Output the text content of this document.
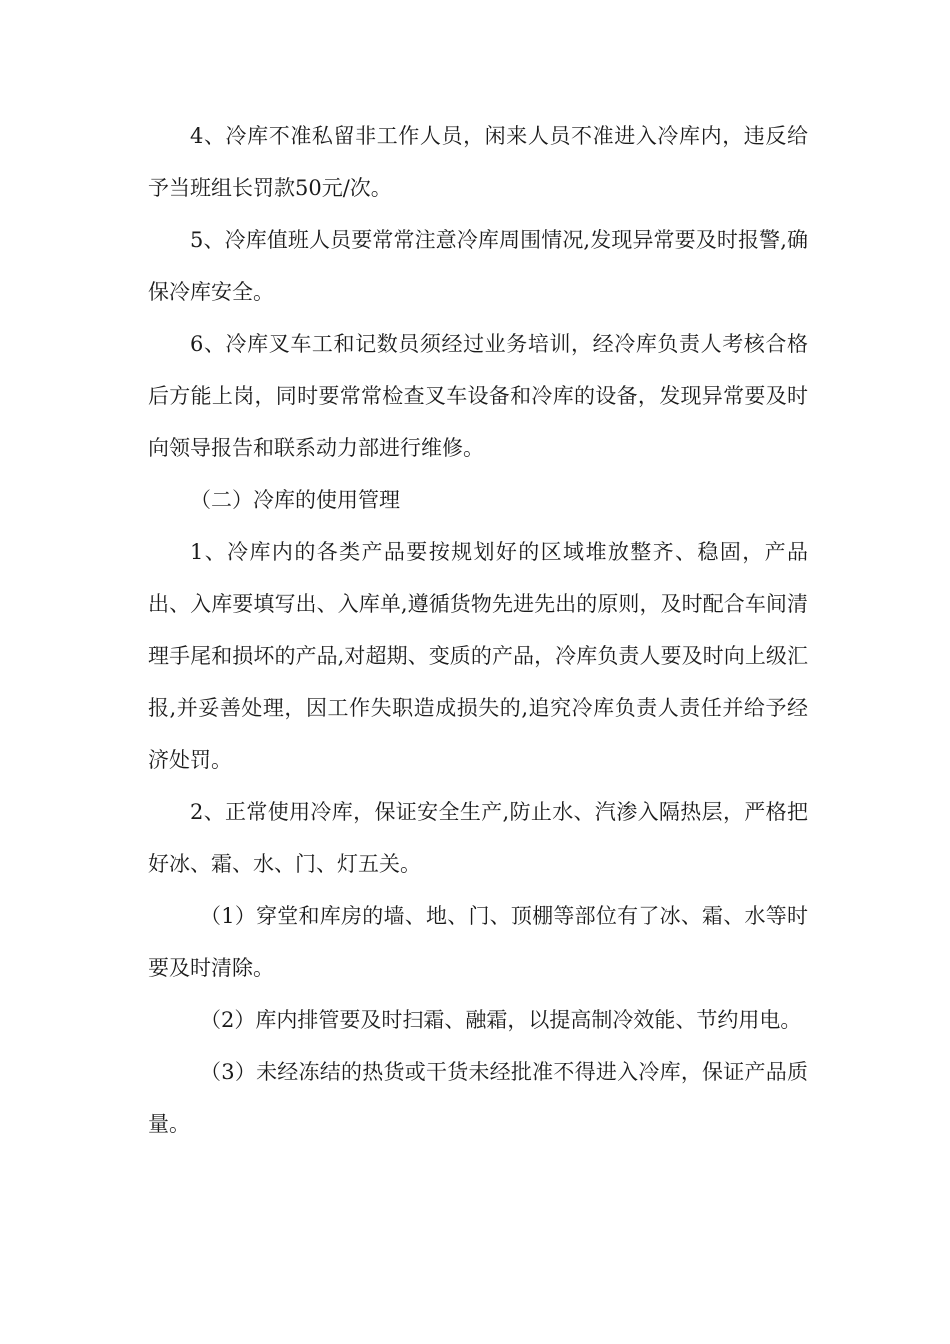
4、冷库不准私留非工作人员，闲来人员不准进入冷库内，违反给予当班组长罚款50元/次。

5、冷库值班人员要常常注意冷库周围情况,发现异常要及时报警,确保冷库安全。

6、冷库叉车工和记数员须经过业务培训，经冷库负责人考核合格后方能上岗，同时要常常检查叉车设备和冷库的设备，发现异常要及时向领导报告和联系动力部进行维修。

（二）冷库的使用管理

1、冷库内的各类产品要按规划好的区域堆放整齐、稳固，产品出、入库要填写出、入库单,遵循货物先进先出的原则，及时配合车间清理手尾和损坏的产品,对超期、变质的产品，冷库负责人要及时向上级汇报,并妥善处理，因工作失职造成损失的,追究冷库负责人责任并给予经济处罚。

2、正常使用冷库，保证安全生产,防止水、汽渗入隔热层，严格把好冰、霜、水、门、灯五关。

（1）穿堂和库房的墙、地、门、顶棚等部位有了冰、霜、水等时要及时清除。

（2）库内排管要及时扫霜、融霜，以提高制冷效能、节约用电。

（3）未经冻结的热货或干货未经批准不得进入冷库，保证产品质量。
